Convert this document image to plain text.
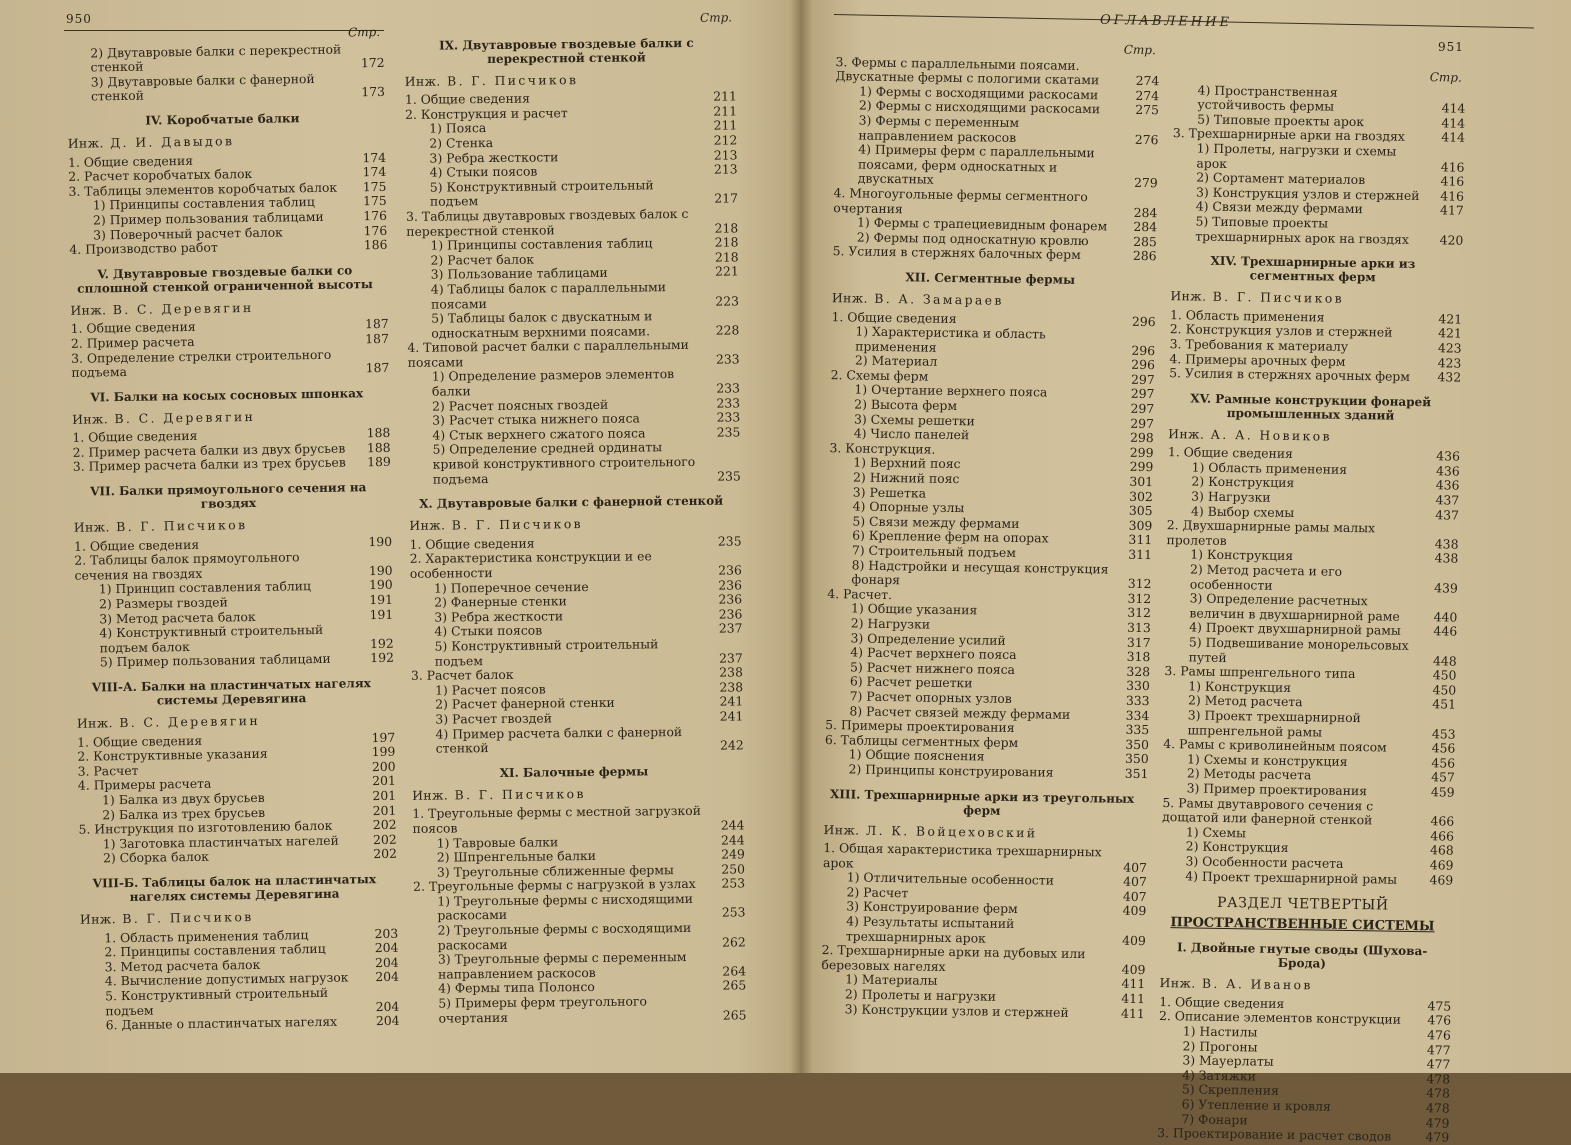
950
Стр.
2) Двутавровые балки с перекрестной стенкой	172
3) Двутавровые балки с фанерной стенкой	173
IV. Коробчатые балки
Инж. Д. И. Давыдов
1. Общие сведения	174
2. Расчет коробчатых балок	174
3. Таблицы элементов коробчатых балок	175
1) Принципы составления таблиц	175
2) Пример пользования таблицами	176
3) Поверочный расчет балок	176
4. Производство работ	186
V. Двутавровые гвоздевые балки со сплошной стенкой ограниченной высоты
Инж. В. С. Деревягин
1. Общие сведения	187
2. Пример расчета	187
3. Определение стрелки строительного подъема	187
VI. Балки на косых сосновых шпонках
Инж. В. С. Деревягин
1. Общие сведения	188
2. Пример расчета балки из двух брусьев	188
3. Пример расчета балки из трех брусьев	189
VII. Балки прямоугольного сечения на гвоздях
Инж. В. Г. Писчиков
1. Общие сведения	190
2. Таблицы балок прямоугольного сечения на гвоздях	190
1) Принцип составления таблиц	190
2) Размеры гвоздей	191
3) Метод расчета балок	191
4) Конструктивный строительный подъем балок	192
5) Пример пользования таблицами	192
VIII-А. Балки на пластинчатых нагелях системы Деревягина
Инж. В. С. Деревягин
1. Общие сведения	197
2. Конструктивные указания	199
3. Расчет	200
4. Примеры расчета	201
1) Балка из двух брусьев	201
2) Балка из трех брусьев	201
5. Инструкция по изготовлению балок	202
1) Заготовка пластинчатых нагелей	202
2) Сборка балок	202
VIII-Б. Таблицы балок на пластинчатых нагелях системы Деревягина
Инж. В. Г. Писчиков
1. Область применения таблиц	203
2. Принципы составления таблиц	204
3. Метод расчета балок	204
4. Вычисление допустимых нагрузок	204
5. Конструктивный строительный подъем	204
6. Данные о пластинчатых нагелях	204
Стр.
IX. Двутавровые гвоздевые балки с перекрестной стенкой
Инж. В. Г. Писчиков
1. Общие сведения	211
2. Конструкция и расчет	211
1) Пояса	211
2) Стенка	212
3) Ребра жесткости	213
4) Стыки поясов	213
5) Конструктивный строительный подъем	217
3. Таблицы двутавровых гвоздевых балок с перекрестной стенкой	218
1) Принципы составления таблиц	218
2) Расчет балок	218
3) Пользование таблицами	221
4) Таблицы балок с параллельными поясами	223
5) Таблицы балок с двускатным и односкатным верхними поясами.	228
4. Типовой расчет балки с параллельными поясами	233
1) Определение размеров элементов балки	233
2) Расчет поясных гвоздей	233
3) Расчет стыка нижнего пояса	233
4) Стык верхнего сжатого пояса	235
5) Определение средней ординаты кривой конструктивного строительного подъема	235
X. Двутавровые балки с фанерной стенкой
Инж. В. Г. Писчиков
1. Общие сведения	235
2. Характеристика конструкции и ее особенности	236
1) Поперечное сечение	236
2) Фанерные стенки	236
3) Ребра жесткости	236
4) Стыки поясов	237
5) Конструктивный строительный подъем	237
3. Расчет балок	238
1) Расчет поясов	238
2) Расчет фанерной стенки	241
3) Расчет гвоздей	241
4) Пример расчета балки с фанерной стенкой	242
XI. Балочные фермы
Инж. В. Г. Писчиков
1. Треугольные фермы с местной загрузкой поясов	244
1) Тавровые балки	244
2) Шпренгельные балки	249
3) Треугольные сближенные фермы	250
2. Треугольные фермы с нагрузкой в узлах	253
1) Треугольные фермы с нисходящими раскосами	253
2) Треугольные фермы с восходящими раскосами	262
3) Треугольные фермы с переменным направлением раскосов	264
4) Фермы типа Полонсо	265
5) Примеры ферм треугольного очертания	265
ОГЛАВЛЕНИЕ
951
Стр.
3. Фермы с параллельными поясами. Двускатные фермы с пологими скатами	274
1) Фермы с восходящими раскосами	274
2) Фермы с нисходящими раскосами	275
3) Фермы с переменным направлением раскосов	276
4) Примеры ферм с параллельными поясами, ферм односкатных и двускатных	279
4. Многоугольные фермы сегментного очертания	284
1) Фермы с трапециевидным фонарем	284
2) Фермы под односкатную кровлю	285
5. Усилия в стержнях балочных ферм	286
XII. Сегментные фермы
Инж. В. А. Замараев
1. Общие сведения	296
1) Характеристика и область применения	296
2) Материал	296
2. Схемы ферм	297
1) Очертание верхнего пояса	297
2) Высота ферм	297
3) Схемы решетки	297
4) Число панелей	298
3. Конструкция.	299
1) Верхний пояс	299
2) Нижний пояс	301
3) Решетка	302
4) Опорные узлы	305
5) Связи между фермами	309
6) Крепление ферм на опорах	311
7) Строительный подъем	311
8) Надстройки и несущая конструкция фонаря	312
4. Расчет.	312
1) Общие указания	312
2) Нагрузки	313
3) Определение усилий	317
4) Расчет верхнего пояса	318
5) Расчет нижнего пояса	328
6) Расчет решетки	330
7) Расчет опорных узлов	333
8) Расчет связей между фермами	334
5. Примеры проектирования	335
6. Таблицы сегментных ферм	350
1) Общие пояснения	350
2) Принципы конструирования	351
XIII. Трехшарнирные арки из треугольных ферм
Инж. Л. К. Войцеховский
1. Общая характеристика трехшарнирных арок	407
1) Отличительные особенности	407
2) Расчет	407
3) Конструирование ферм	409
4) Результаты испытаний трехшарнирных арок	409
2. Трехшарнирные арки на дубовых или березовых нагелях	409
1) Материалы	411
2) Пролеты и нагрузки	411
3) Конструкции узлов и стержней	411
Стр.
4) Пространственная устойчивость фермы	414
5) Типовые проекты арок	414
3. Трехшарнирные арки на гвоздях	414
1) Пролеты, нагрузки и схемы арок	416
2) Сортамент материалов	416
3) Конструкция узлов и стержней	416
4) Связи между фермами	417
5) Типовые проекты трехшарнирных арок на гвоздях	420
XIV. Трехшарнирные арки из сегментных ферм
Инж. В. Г. Писчиков
1. Область применения	421
2. Конструкция узлов и стержней	421
3. Требования к материалу	423
4. Примеры арочных ферм	423
5. Усилия в стержнях арочных ферм	432
XV. Рамные конструкции фонарей промышленных зданий
Инж. А. А. Новиков
1. Общие сведения	436
1) Область применения	436
2) Конструкция	436
3) Нагрузки	437
4) Выбор схемы	437
2. Двухшарнирные рамы малых пролетов	438
1) Конструкция	438
2) Метод расчета и его особенности	439
3) Определение расчетных величин в двухшарнирной раме	440
4) Проект двухшарнирной рамы	446
5) Подвешивание монорельсовых путей	448
3. Рамы шпренгельного типа	450
1) Конструкция	450
2) Метод расчета	451
3) Проект трехшарнирной шпренгельной рамы	453
4. Рамы с криволинейным поясом	456
1) Схемы и конструкция	456
2) Методы расчета	457
3) Пример проектирования	459
5. Рамы двутаврового сечения с дощатой или фанерной стенкой	466
1) Схемы	466
2) Конструкция	468
3) Особенности расчета	469
4) Проект трехшарнирной рамы	469
РАЗДЕЛ ЧЕТВЕРТЫЙ
ПРОСТРАНСТВЕННЫЕ СИСТЕМЫ
I. Двойные гнутые своды (Шухова-Брода)
Инж. В. А. Иванов
1. Общие сведения	475
2. Описание элементов конструкции	476
1) Настилы	476
2) Прогоны	477
3) Мауерлаты	477
4) Затяжки	478
5) Скрепления	478
6) Утепление и кровля	478
7) Фонари	479
3. Проектирование и расчет сводов	479
